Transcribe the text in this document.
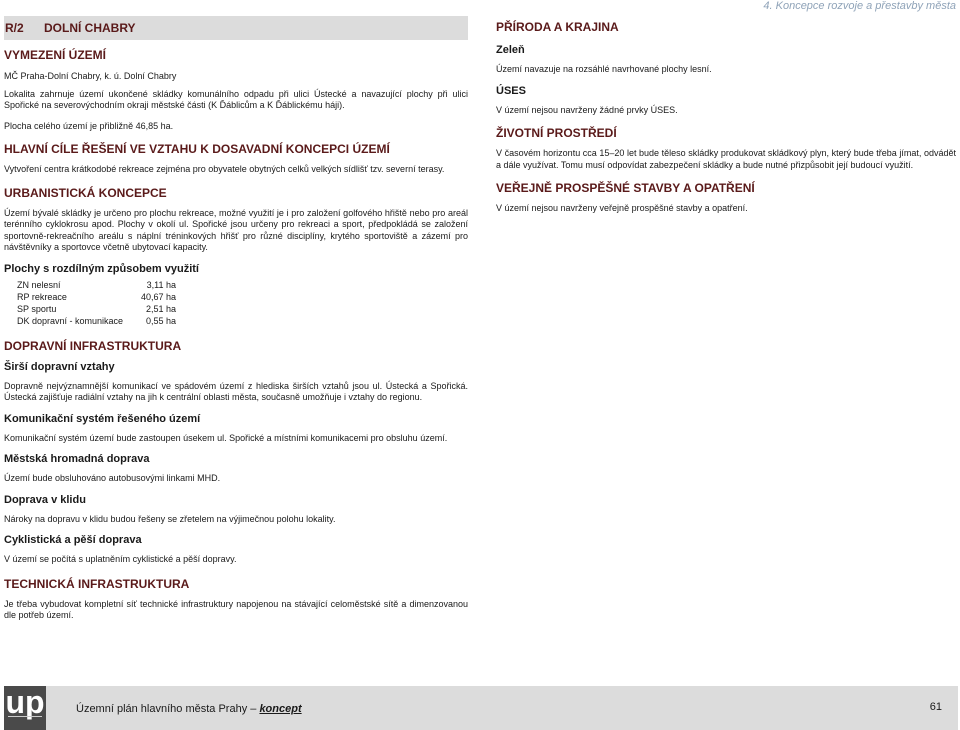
4. Koncepce rozvoje a přestavby města
R/2	DOLNÍ CHABRY
VYMEZENÍ ÚZEMÍ

MČ Praha-Dolní Chabry, k. ú. Dolní Chabry

Lokalita zahrnuje území ukončené skládky komunálního odpadu při ulici Ústecké a navazující plochy při ulici Spořické na severovýchodním okraji městské části (K Ďáblicům a K Ďáblickému háji).

Plocha celého území je přibližně 46,85 ha.

HLAVNÍ CÍLE ŘEŠENÍ VE VZTAHU K DOSAVADNÍ KONCEPCI ÚZEMÍ

Vytvoření centra krátkodobé rekreace zejména pro obyvatele obytných celků velkých sídlišť tzv. severní terasy.

URBANISTICKÁ KONCEPCE

Území bývalé skládky je určeno pro plochu rekreace, možné využití je i pro založení golfového hřiště nebo pro areál terénního cyklokrosu apod. Plochy v okolí ul. Spořické jsou určeny pro rekreaci a sport, předpokládá se založení sportovně-rekreačního areálu s náplní tréninkových hřišť pro různé disciplíny, krytého sportoviště a zázemí pro návštěvníky a sportovce včetně ubytovací kapacity.

Plochy s rozdílným způsobem využití
ZN nelesní	3,11 ha
RP rekreace	40,67 ha
SP sportu	2,51 ha
DK dopravní - komunikace	0,55 ha
DOPRAVNÍ INFRASTRUKTURA
Širší dopravní vztahy

Dopravně nejvýznamnější komunikací ve spádovém území z hlediska širších vztahů jsou ul. Ústecká a Spořická. Ústecká zajišťuje radiální vztahy na jih k centrální oblasti města, současně umožňuje i vztahy do regionu.

Komunikační systém řešeného území

Komunikační systém území bude zastoupen úsekem ul. Spořické a místními komunikacemi pro obsluhu území.

Městská hromadná doprava

Území bude obsluhováno autobusovými linkami MHD.

Doprava v klidu

Nároky na dopravu v klidu budou řešeny se zřetelem na výjimečnou polohu lokality.

Cyklistická a pěší doprava

V území se počítá s uplatněním cyklistické a pěší dopravy.

TECHNICKÁ INFRASTRUKTURA

Je třeba vybudovat kompletní síť technické infrastruktury napojenou na stávající celoměstské sítě a dimenzovanou dle potřeb území.

PŘÍRODA A KRAJINA
Zeleň

Území navazuje na rozsáhlé navrhované plochy lesní.

ÚSES

V území nejsou navrženy žádné prvky ÚSES.

ŽIVOTNÍ PROSTŘEDÍ

V časovém horizontu cca 15–20 let bude těleso skládky produkovat skládkový plyn, který bude třeba jímat, odvádět a dále využívat. Tomu musí odpovídat zabezpečení skládky a bude nutné přizpůsobit její budoucí využití.

VEŘEJNĚ PROSPĚŠNÉ STAVBY A OPATŘENÍ

V území nejsou navrženy veřejně prospěšné stavby a opatření.

up	Územní plán hlavního města Prahy – koncept	61
